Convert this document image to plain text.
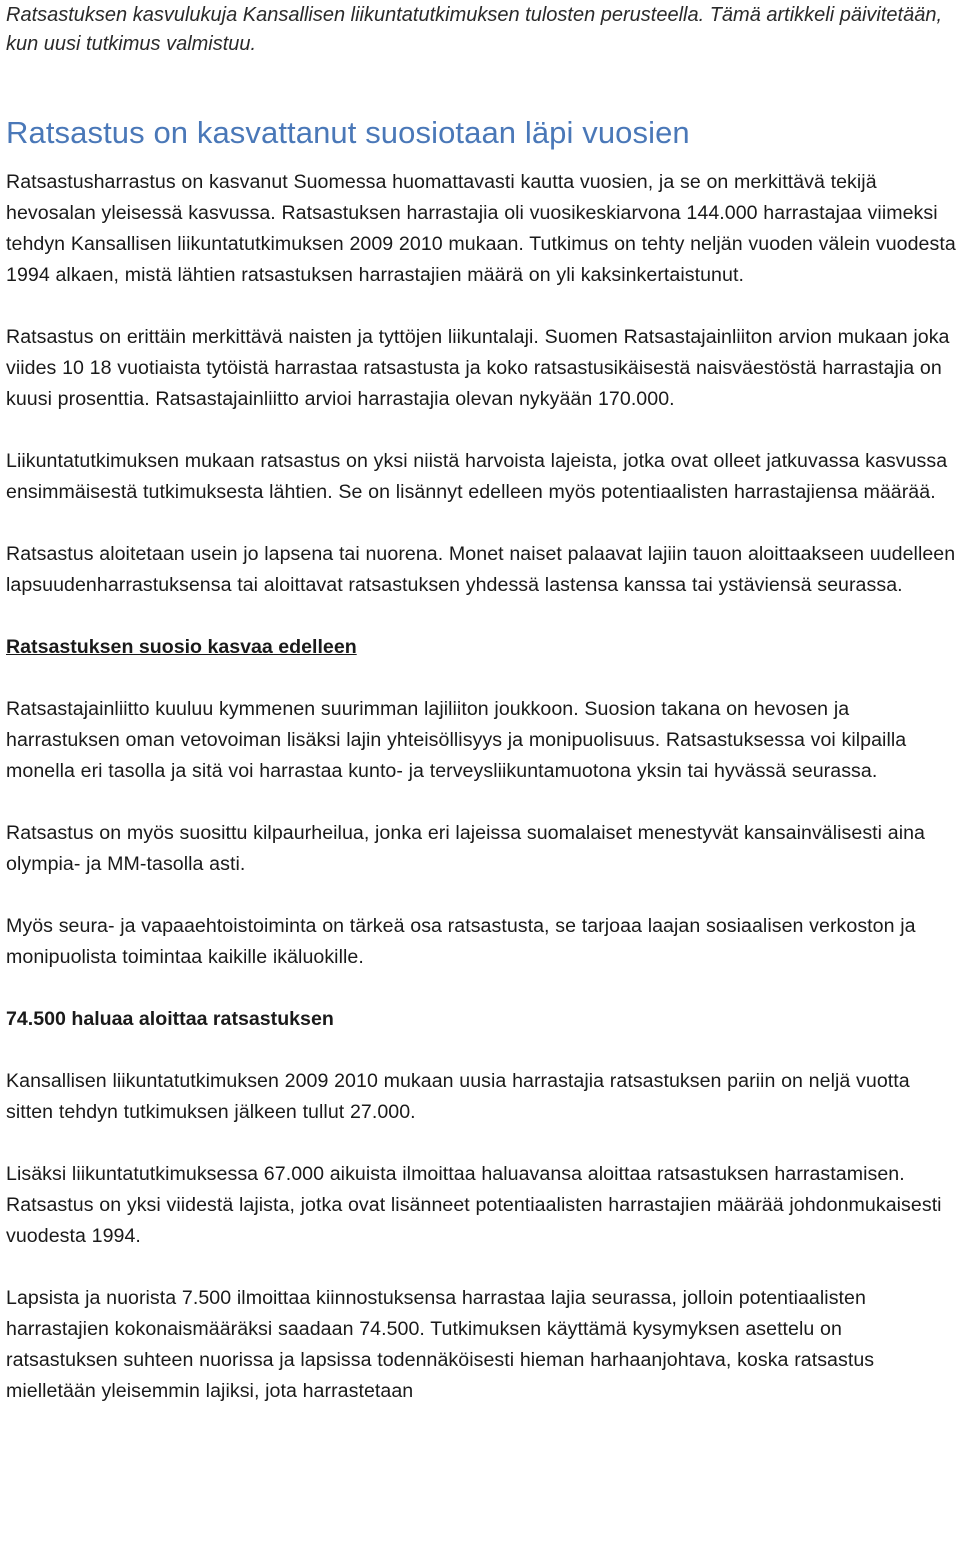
Ratsastuksen kasvulukuja Kansallisen liikuntatutkimuksen tulosten perusteella. Tämä artikkeli päivitetään, kun uusi tutkimus valmistuu.

Ratsastus on kasvattanut suosiotaan läpi vuosien

Ratsastusharrastus on kasvanut Suomessa huomattavasti kautta vuosien, ja se on merkittävä tekijä hevosalan yleisessä kasvussa. Ratsastuksen harrastajia oli vuosikeskiarvona 144.000 harrastajaa viimeksi tehdyn Kansallisen liikuntatutkimuksen 2009 2010 mukaan. Tutkimus on tehty neljän vuoden välein vuodesta 1994 alkaen, mistä lähtien ratsastuksen harrastajien määrä on yli kaksinkertaistunut.

Ratsastus on erittäin merkittävä naisten ja tyttöjen liikuntalaji. Suomen Ratsastajainliiton arvion mukaan joka viides 10 18 vuotiaista tytöistä harrastaa ratsastusta ja koko ratsastusikäisestä naisväestöstä harrastajia on kuusi prosenttia. Ratsastajainliitto arvioi harrastajia olevan nykyään 170.000.

Liikuntatutkimuksen mukaan ratsastus on yksi niistä harvoista lajeista, jotka ovat olleet jatkuvassa kasvussa ensimmäisestä tutkimuksesta lähtien. Se on lisännyt edelleen myös potentiaalisten harrastajiensa määrää.

Ratsastus aloitetaan usein jo lapsena tai nuorena. Monet naiset palaavat lajiin tauon aloittaakseen uudelleen lapsuudenharrastuksensa tai aloittavat ratsastuksen yhdessä lastensa kanssa tai ystäviensä seurassa.

Ratsastuksen suosio kasvaa edelleen

Ratsastajainliitto kuuluu kymmenen suurimman lajiliiton joukkoon. Suosion takana on hevosen ja harrastuksen oman vetovoiman lisäksi lajin yhteisöllisyys ja monipuolisuus. Ratsastuksessa voi kilpailla monella eri tasolla ja sitä voi harrastaa kunto- ja terveysliikuntamuotona yksin tai hyvässä seurassa.

Ratsastus on myös suosittu kilpaurheilua, jonka eri lajeissa suomalaiset menestyvät kansainvälisesti aina olympia- ja MM-tasolla asti.

Myös seura- ja vapaaehtoistoiminta on tärkeä osa ratsastusta, se tarjoaa laajan sosiaalisen verkoston ja monipuolista toimintaa kaikille ikäluokille.

74.500 haluaa aloittaa ratsastuksen

Kansallisen liikuntatutkimuksen 2009 2010 mukaan uusia harrastajia ratsastuksen pariin on neljä vuotta sitten tehdyn tutkimuksen jälkeen tullut 27.000.

Lisäksi liikuntatutkimuksessa 67.000 aikuista ilmoittaa haluavansa aloittaa ratsastuksen harrastamisen. Ratsastus on yksi viidestä lajista, jotka ovat lisänneet potentiaalisten harrastajien määrää johdonmukaisesti vuodesta 1994.

Lapsista ja nuorista 7.500 ilmoittaa kiinnostuksensa harrastaa lajia seurassa, jolloin potentiaalisten harrastajien kokonaismääräksi saadaan 74.500. Tutkimuksen käyttämä kysymyksen asettelu on ratsastuksen suhteen nuorissa ja lapsissa todennäköisesti hieman harhaanjohtava, koska ratsastus mielletään yleisemmin lajiksi, jota harrastetaan
